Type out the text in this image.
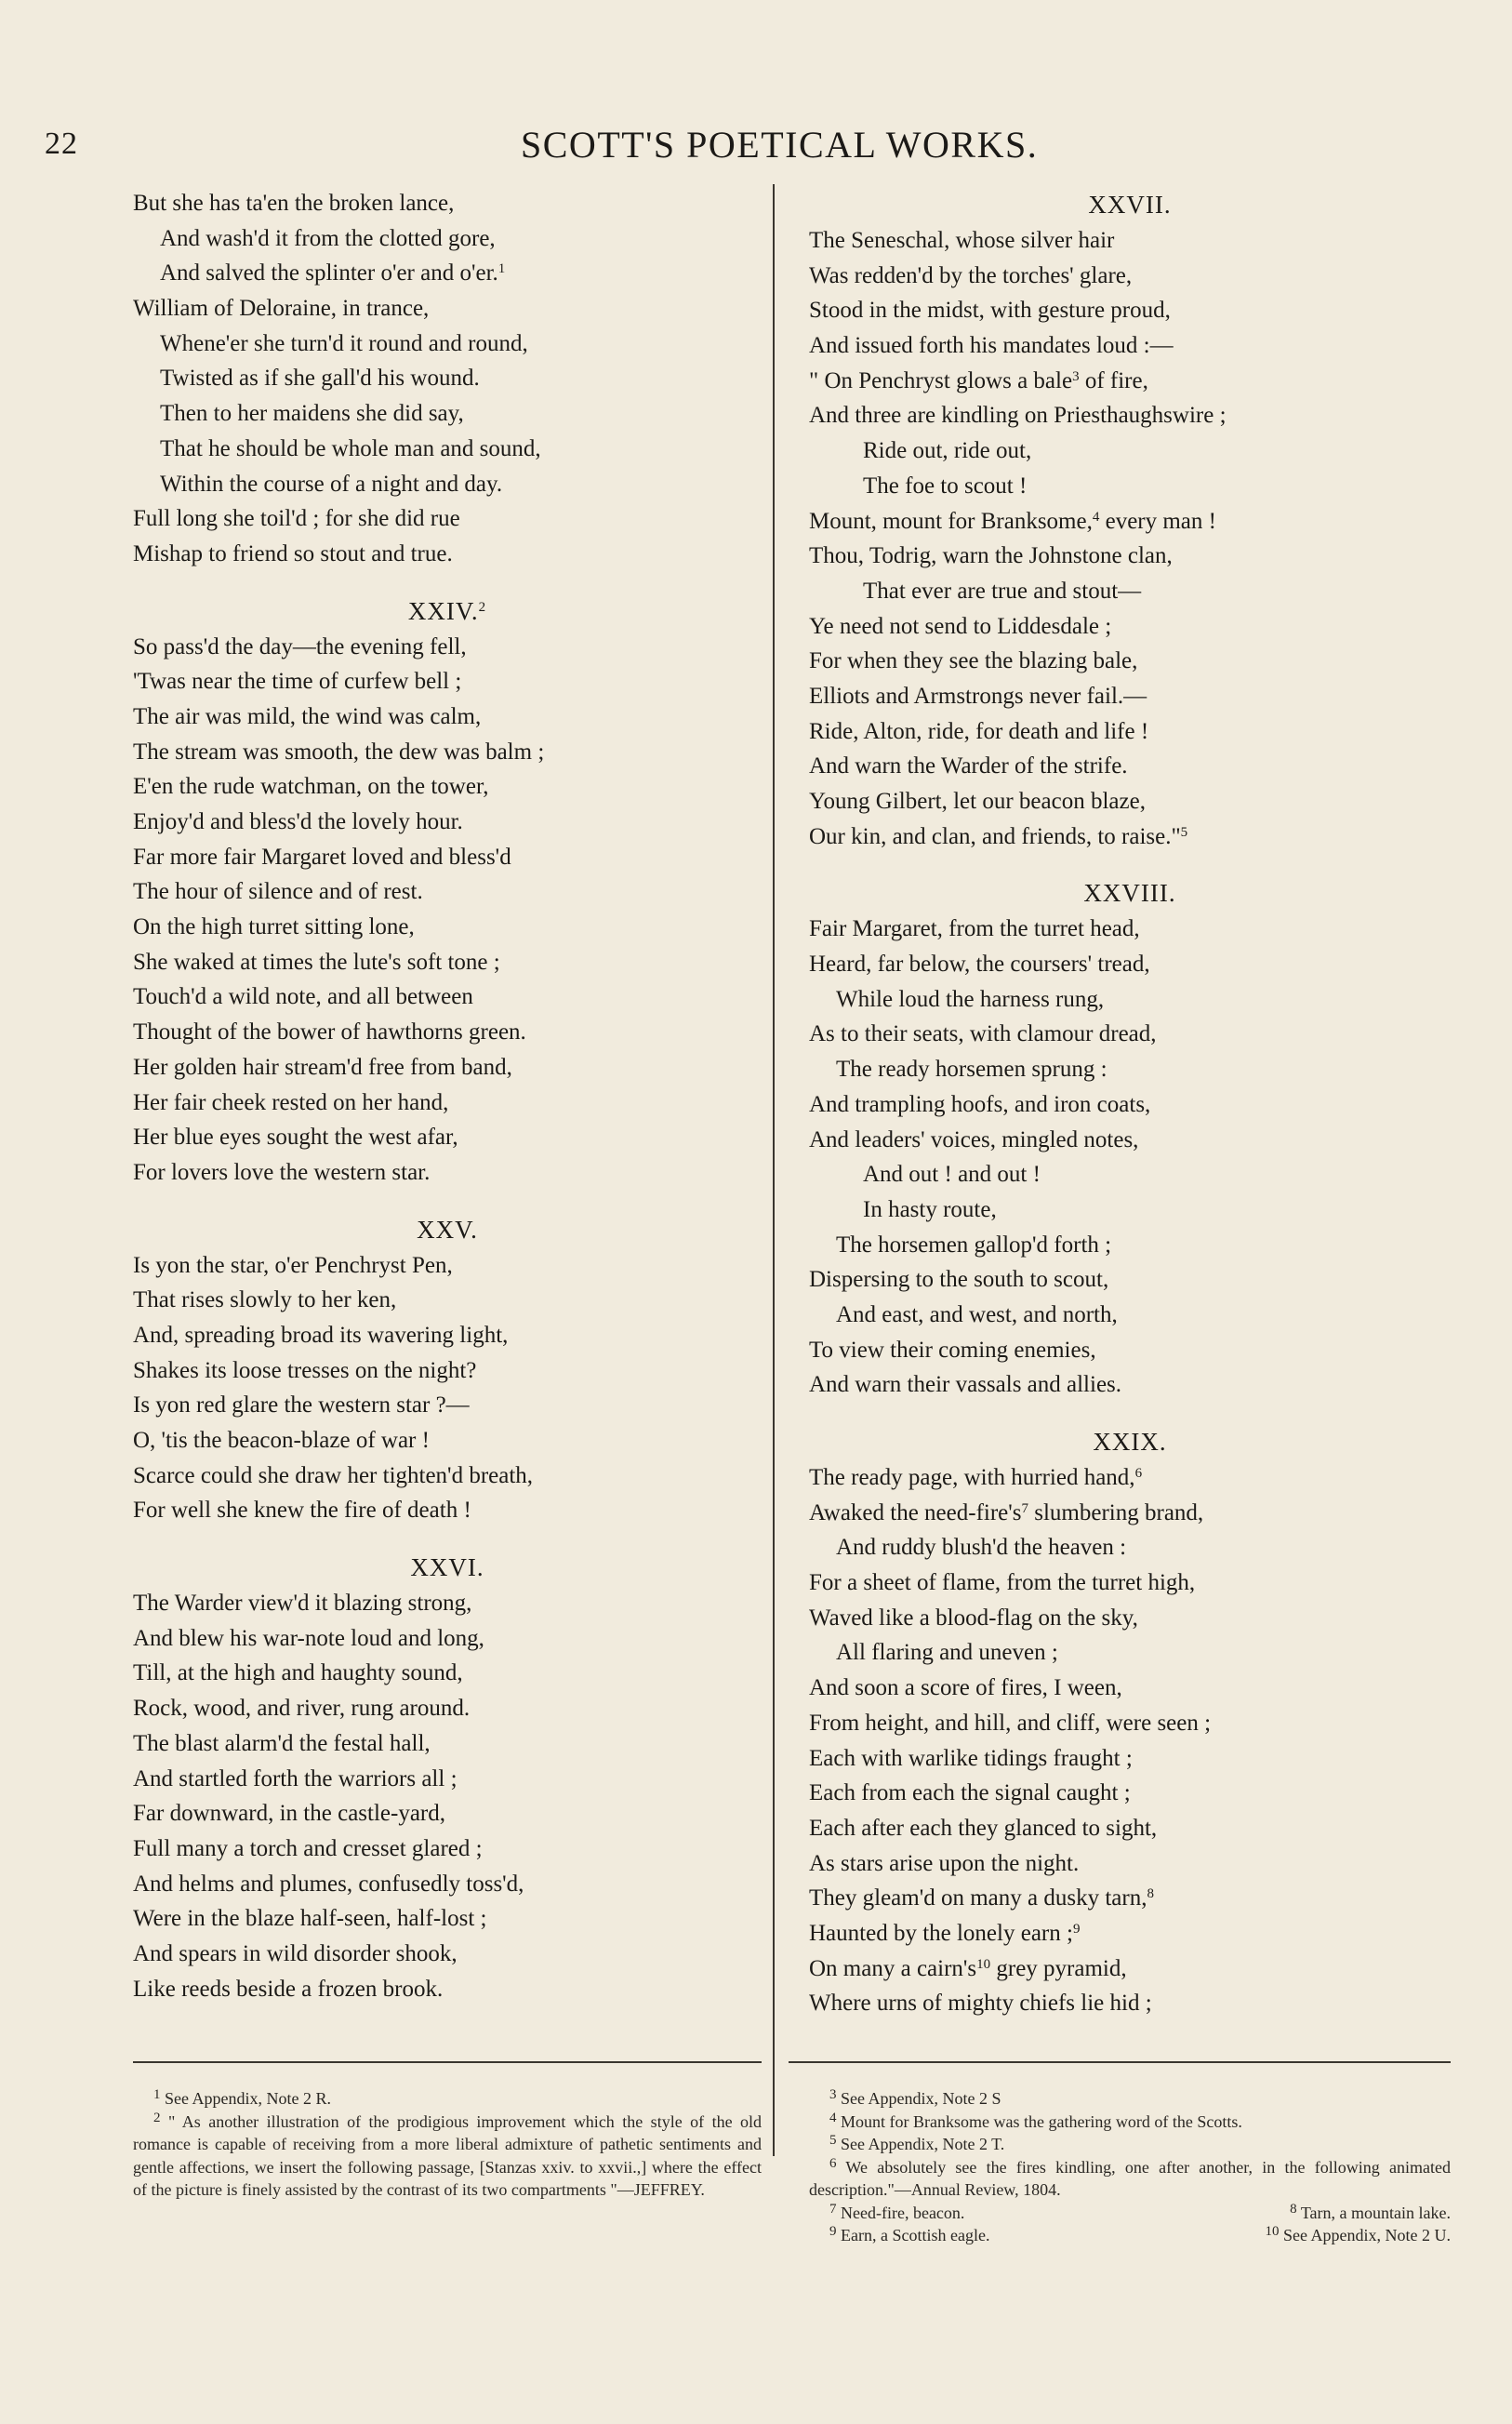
22	SCOTT'S POETICAL WORKS.
But she has ta'en the broken lance,
And wash'd it from the clotted gore,
And salved the splinter o'er and o'er.$^1$
William of Deloraine, in trance,
Whene'er she turn'd it round and round,
Twisted as if she gall'd his wound.
Then to her maidens she did say,
That he should be whole man and sound,
Within the course of a night and day.
Full long she toil'd ; for she did rue
Mishap to friend so stout and true.
XXIV.$^2$
So pass'd the day—the evening fell,
'Twas near the time of curfew bell ;
The air was mild, the wind was calm,
The stream was smooth, the dew was balm ;
E'en the rude watchman, on the tower,
Enjoy'd and bless'd the lovely hour.
Far more fair Margaret loved and bless'd
The hour of silence and of rest.
On the high turret sitting lone,
She waked at times the lute's soft tone ;
Touch'd a wild note, and all between
Thought of the bower of hawthorns green.
Her golden hair stream'd free from band,
Her fair cheek rested on her hand,
Her blue eyes sought the west afar,
For lovers love the western star.
XXV.
Is yon the star, o'er Penchryst Pen,
That rises slowly to her ken,
And, spreading broad its wavering light,
Shakes its loose tresses on the night?
Is yon red glare the western star ?—
O, 'tis the beacon-blaze of war !
Scarce could she draw her tighten'd breath,
For well she knew the fire of death !
XXVI.
The Warder view'd it blazing strong,
And blew his war-note loud and long,
Till, at the high and haughty sound,
Rock, wood, and river, rung around.
The blast alarm'd the festal hall,
And startled forth the warriors all ;
Far downward, in the castle-yard,
Full many a torch and cresset glared ;
And helms and plumes, confusedly toss'd,
Were in the blaze half-seen, half-lost ;
And spears in wild disorder shook,
Like reeds beside a frozen brook.
XXVII.
The Seneschal, whose silver hair
Was redden'd by the torches' glare,
Stood in the midst, with gesture proud,
And issued forth his mandates loud :—
" On Penchryst glows a bale$^3$ of fire,
And three are kindling on Priesthaughswire ;
Ride out, ride out,
The foe to scout !
Mount, mount for Branksome,$^4$ every man !
Thou, Todrig, warn the Johnstone clan,
That ever are true and stout—
Ye need not send to Liddesdale ;
For when they see the blazing bale,
Elliots and Armstrongs never fail.—
Ride, Alton, ride, for death and life !
And warn the Warder of the strife.
Young Gilbert, let our beacon blaze,
Our kin, and clan, and friends, to raise."$^5$
XXVIII.
Fair Margaret, from the turret head,
Heard, far below, the coursers' tread,
While loud the harness rung,
As to their seats, with clamour dread,
The ready horsemen sprung :
And trampling hoofs, and iron coats,
And leaders' voices, mingled notes,
And out ! and out !
In hasty route,
The horsemen gallop'd forth ;
Dispersing to the south to scout,
And east, and west, and north,
To view their coming enemies,
And warn their vassals and allies.
XXIX.
The ready page, with hurried hand,$^6$
Awaked the need-$fire's^7$ slumbering brand,
And ruddy blush'd the heaven :
For a sheet of flame, from the turret high,
Waved like a blood-flag on the sky,
All flaring and uneven ;
And soon a score of fires, I ween,
From height, and hill, and cliff, were seen ;
Each with warlike tidings fraught ;
Each from each the signal caught ;
Each after each they glanced to sight,
As stars arise upon the night.
They gleam'd on many a dusky tarn,$^8$
Haunted by the lonely earn ;$^9$
On many a $cairn's^{10}$ grey pyramid,
Where urns of mighty chiefs lie hid ;

$^1$ See Appendix, Note 2 R.

$^2$ " As another illustration of the prodigious improvement which the style of the old romance is capable of receiving from a more liberal admixture of pathetic sentiments and gentle affections, we insert the following passage, [Stanzas xxiv. to xxvii.,] where the effect of the picture is finely assisted by the contrast of its two compartments "—JEFFREY.

$^3$ See Appendix, Note 2 S

$^4$ Mount for Branksome was the gathering word of the Scotts.

$^5$ See Appendix, Note 2 T.

$^6$ We absolutely see the fires kindling, one after another, in the following animated description."—Annual Review, 1804.

$^7$ Need-fire, beacon.	$^8$ Tarn, a mountain lake.

$^9$ Earn, a Scottish eagle.	$^{10}$ See Appendix, Note 2 U.
